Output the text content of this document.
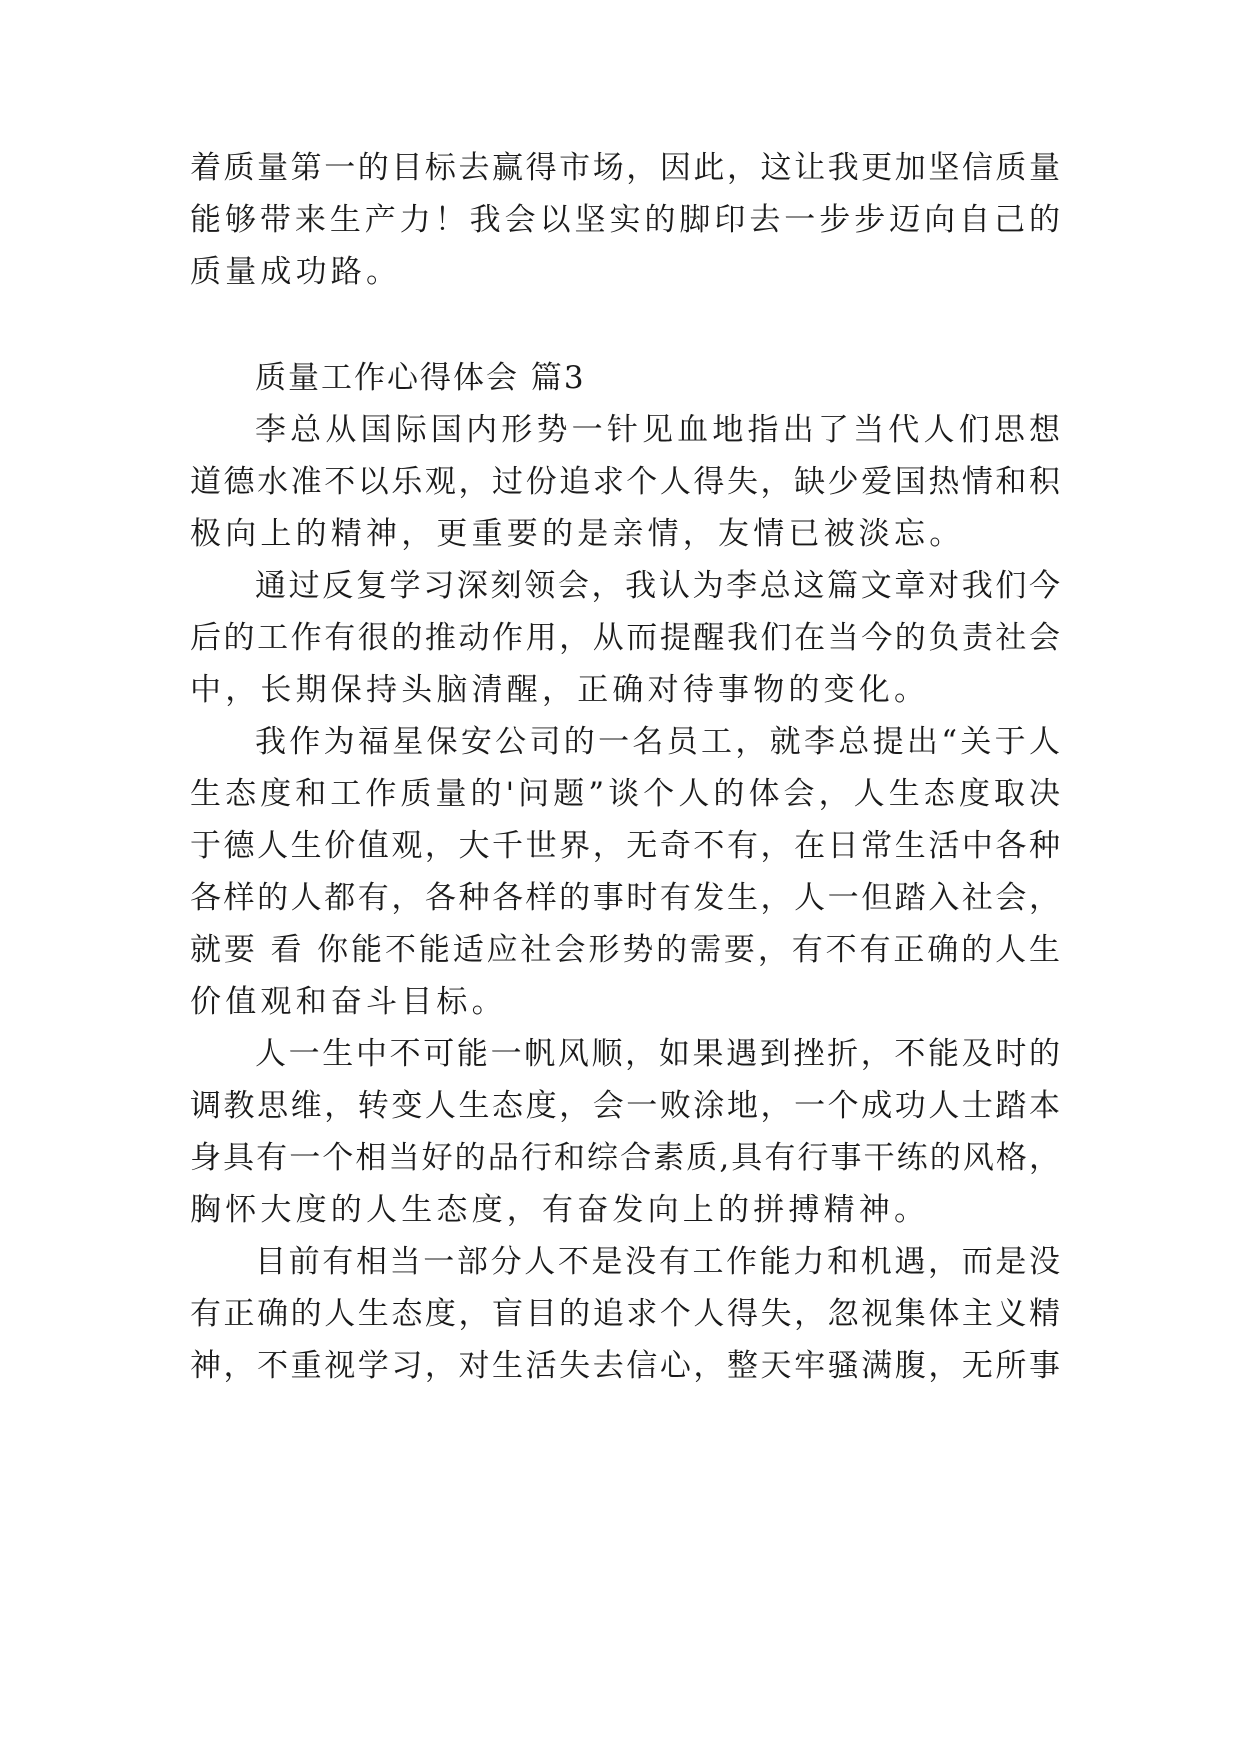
着质量第一的目标去赢得市场，因此，这让我更加坚信质量
能够带来生产力！我会以坚实的脚印去一步步迈向自己的
质量成功路。
质量工作心得体会 篇3
李总从国际国内形势一针见血地指出了当代人们思想
道德水准不以乐观，过份追求个人得失，缺少爱国热情和积
极向上的精神，更重要的是亲情，友情已被淡忘。
通过反复学习深刻领会，我认为李总这篇文章对我们今
后的工作有很的推动作用，从而提醒我们在当今的负责社会
中，长期保持头脑清醒，正确对待事物的变化。
我作为福星保安公司的一名员工，就李总提出“关于人
生态度和工作质量的'问题”谈个人的体会，人生态度取决
于德人生价值观，大千世界，无奇不有，在日常生活中各种
各样的人都有，各种各样的事时有发生，人一但踏入社会，
就要 看 你能不能适应社会形势的需要，有不有正确的人生
价值观和奋斗目标。
人一生中不可能一帆风顺，如果遇到挫折，不能及时的
调教思维，转变人生态度，会一败涂地，一个成功人士踏本
身具有一个相当好的品行和综合素质,具有行事干练的风格，
胸怀大度的人生态度，有奋发向上的拼搏精神。
目前有相当一部分人不是没有工作能力和机遇，而是没
有正确的人生态度，盲目的追求个人得失，忽视集体主义精
神，不重视学习，对生活失去信心，整天牢骚满腹，无所事
